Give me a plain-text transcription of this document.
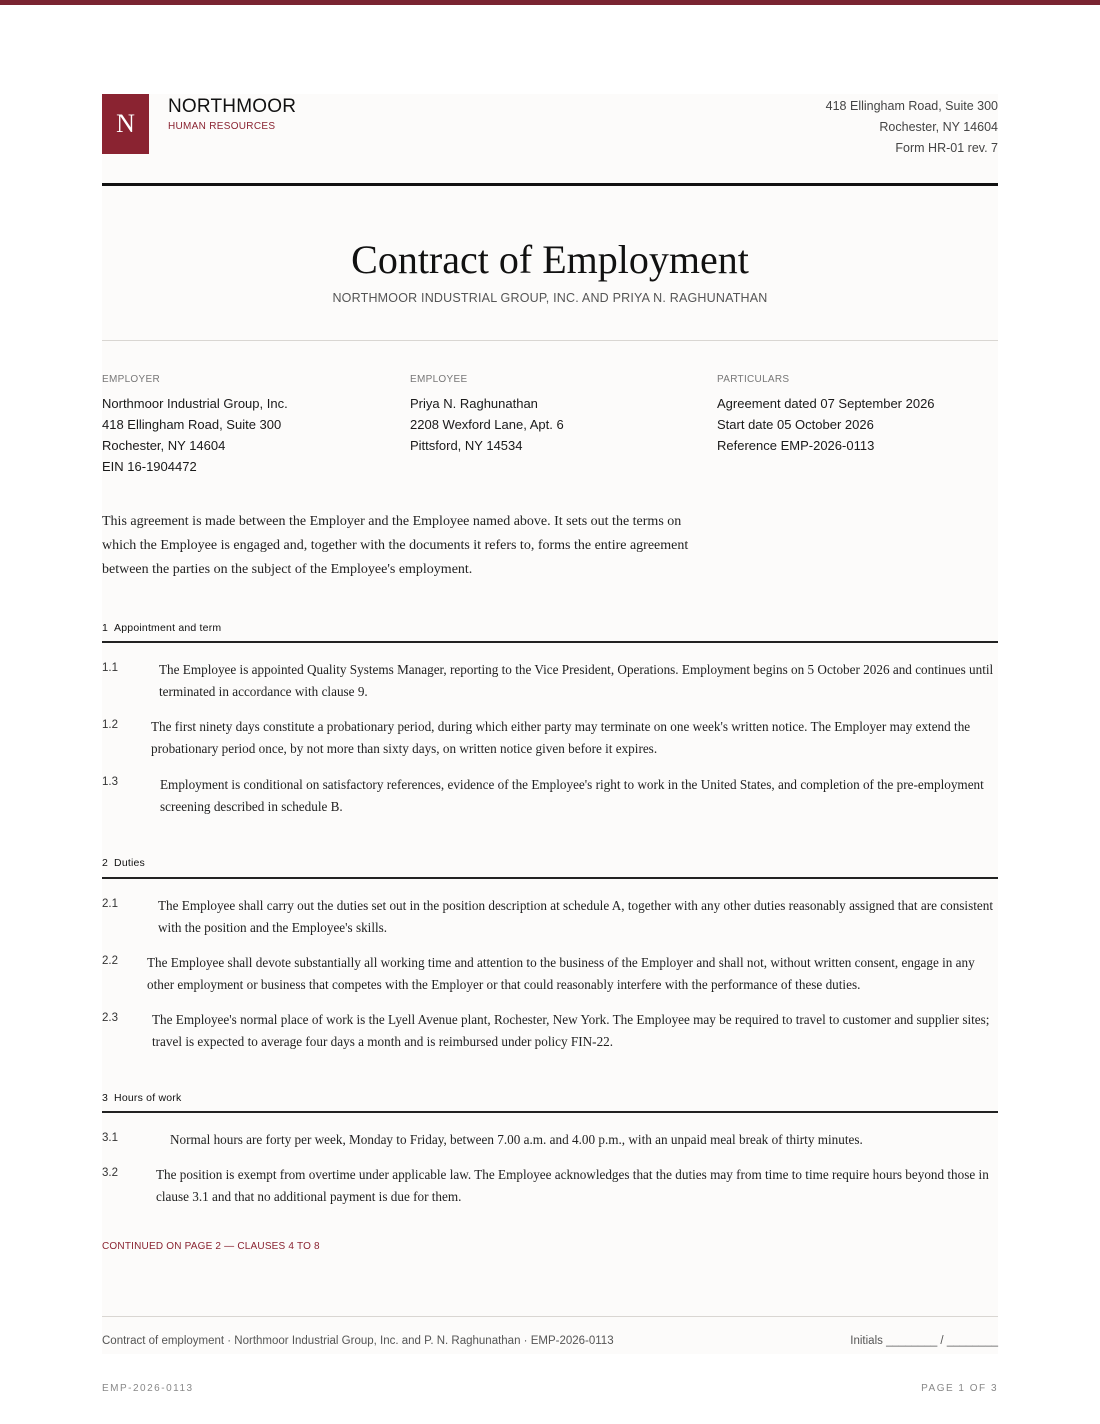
N
NORTHMOOR
HUMAN RESOURCES
418 Ellingham Road, Suite 300
Rochester, NY 14604
Form HR-01 rev. 7
Contract of Employment
NORTHMOOR INDUSTRIAL GROUP, INC. AND PRIYA N. RAGHUNATHAN
EMPLOYER
Northmoor Industrial Group, Inc.
418 Ellingham Road, Suite 300
Rochester, NY 14604
EIN 16-1904472
EMPLOYEE
Priya N. Raghunathan
2208 Wexford Lane, Apt. 6
Pittsford, NY 14534
PARTICULARS
Agreement dated 07 September 2026
Start date 05 October 2026
Reference EMP-2026-0113
This agreement is made between the Employer and the Employee named above. It sets out the terms on which the Employee is engaged and, together with the documents it refers to, forms the entire agreement between the parties on the subject of the Employee's employment.
1 Appointment and term
1.1	The Employee is appointed Quality Systems Manager, reporting to the Vice President, Operations. Employment begins on 5 October 2026 and continues until terminated in accordance with clause 9.
1.2	The first ninety days constitute a probationary period, during which either party may terminate on one week's written notice. The Employer may extend the probationary period once, by not more than sixty days, on written notice given before it expires.
1.3	Employment is conditional on satisfactory references, evidence of the Employee's right to work in the United States, and completion of the pre-employment screening described in schedule B.
2 Duties
2.1	The Employee shall carry out the duties set out in the position description at schedule A, together with any other duties reasonably assigned that are consistent with the position and the Employee's skills.
2.2 The Employee shall devote substantially all working time and attention to the business of the Employer and shall not, without written consent, engage in any other employment or business that competes with the Employer or that could reasonably interfere with the performance of these duties.
2.3	The Employee's normal place of work is the Lyell Avenue plant, Rochester, New York. The Employee may be required to travel to customer and supplier sites; travel is expected to average four days a month and is reimbursed under policy FIN-22.
3 Hours of work
3.1	Normal hours are forty per week, Monday to Friday, between 7.00 a.m. and 4.00 p.m., with an unpaid meal break of thirty minutes.
3.2	The position is exempt from overtime under applicable law. The Employee acknowledges that the duties may from time to time require hours beyond those in clause 3.1 and that no additional payment is due for them.
CONTINUED ON PAGE 2 — CLAUSES 4 TO 8
Contract of employment · Northmoor Industrial Group, Inc. and P. N. Raghunathan · EMP-2026-0113	Initials ________ / ________
EMP-2026-0113	PAGE 1 OF 3
